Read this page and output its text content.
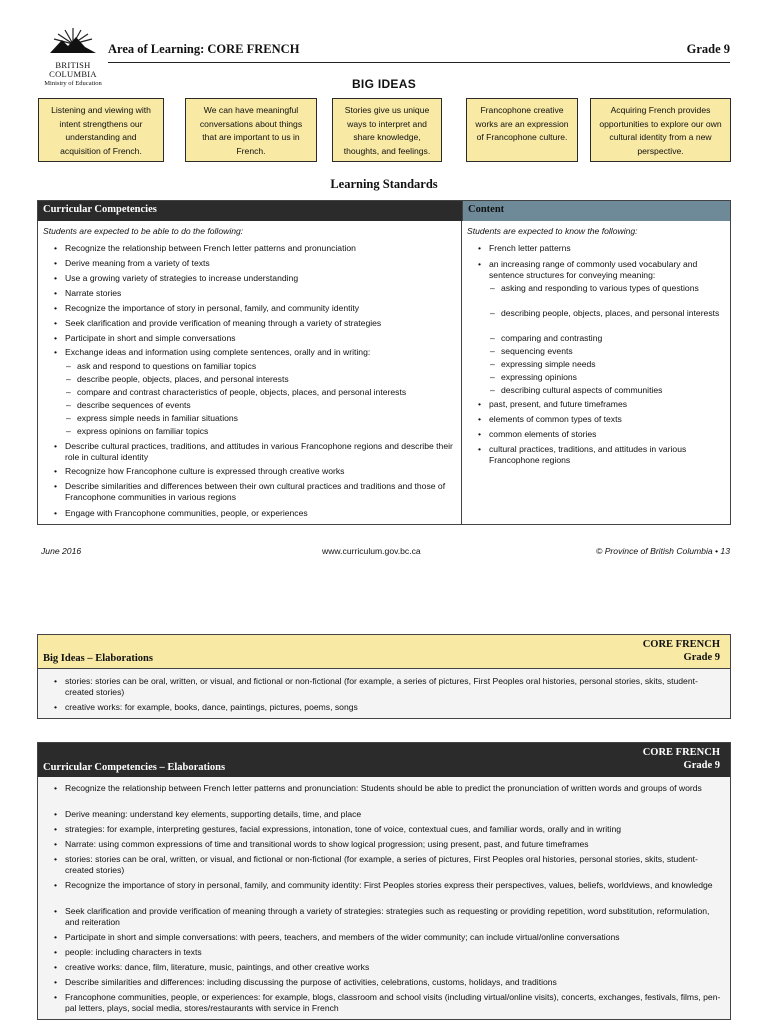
BRITISH
COLUMBIA
Ministry of Education
Area of Learning: CORE FRENCH	Grade 9
BIG IDEAS
Listening and viewing with intent strengthens our understanding and acquisition of French.
We can have meaningful conversations about things that are important to us in French.
Stories give us unique ways to interpret and share knowledge, thoughts, and feelings.
Francophone creative works are an expression of Francophone culture.
Acquiring French provides opportunities to explore our own cultural identity from a new perspective.
Learning Standards
Curricular Competencies	Content
Students are expected to be able to do the following:	Students are expected to know the following:
• Recognize the relationship between French letter patterns and pronunciation
• Derive meaning from a variety of texts
• Use a growing variety of strategies to increase understanding
• Narrate stories
• Recognize the importance of story in personal, family, and community identity
• Seek clarification and provide verification of meaning through a variety of strategies
• Participate in short and simple conversations
• Exchange ideas and information using complete sentences, orally and in writing:
– ask and respond to questions on familiar topics
– describe people, objects, places, and personal interests
– compare and contrast characteristics of people, objects, places, and personal interests
– describe sequences of events
– express simple needs in familiar situations
– express opinions on familiar topics
• Describe cultural practices, traditions, and attitudes in various Francophone regions and describe their role in cultural identity
• Recognize how Francophone culture is expressed through creative works
• Describe similarities and differences between their own cultural practices and traditions and those of Francophone communities in various regions
• Engage with Francophone communities, people, or experiences
• French letter patterns
• an increasing range of commonly used vocabulary and sentence structures for conveying meaning:
– asking and responding to various types of questions
– describing people, objects, places, and personal interests
– comparing and contrasting
– sequencing events
– expressing simple needs
– expressing opinions
– describing cultural aspects of communities
• past, present, and future timeframes
• elements of common types of texts
• common elements of stories
• cultural practices, traditions, and attitudes in various Francophone regions
June 2016	www.curriculum.gov.bc.ca	© Province of British Columbia • 13
Big Ideas – Elaborations
CORE FRENCH
Grade 9
• stories: stories can be oral, written, or visual, and fictional or non-fictional (for example, a series of pictures, First Peoples oral histories, personal stories, skits, student-created stories)
• creative works: for example, books, dance, paintings, pictures, poems, songs
Curricular Competencies – Elaborations
CORE FRENCH
Grade 9
• Recognize the relationship between French letter patterns and pronunciation: Students should be able to predict the pronunciation of written words and groups of words
• Derive meaning: understand key elements, supporting details, time, and place
• strategies: for example, interpreting gestures, facial expressions, intonation, tone of voice, contextual cues, and familiar words, orally and in writing
• Narrate: using common expressions of time and transitional words to show logical progression; using present, past, and future timeframes
• stories: stories can be oral, written, or visual, and fictional or non-fictional (for example, a series of pictures, First Peoples oral histories, personal stories, skits, student-created stories)
• Recognize the importance of story in personal, family, and community identity: First Peoples stories express their perspectives, values, beliefs, worldviews, and knowledge
• Seek clarification and provide verification of meaning through a variety of strategies: strategies such as requesting or providing repetition, word substitution, reformulation, and reiteration
• Participate in short and simple conversations: with peers, teachers, and members of the wider community; can include virtual/online conversations
• people: including characters in texts
• creative works: dance, film, literature, music, paintings, and other creative works
• Describe similarities and differences: including discussing the purpose of activities, celebrations, customs, holidays, and traditions
• Francophone communities, people, or experiences: for example, blogs, classroom and school visits (including virtual/online visits), concerts, exchanges, festivals, films, pen-pal letters, plays, social media, stores/restaurants with service in French
